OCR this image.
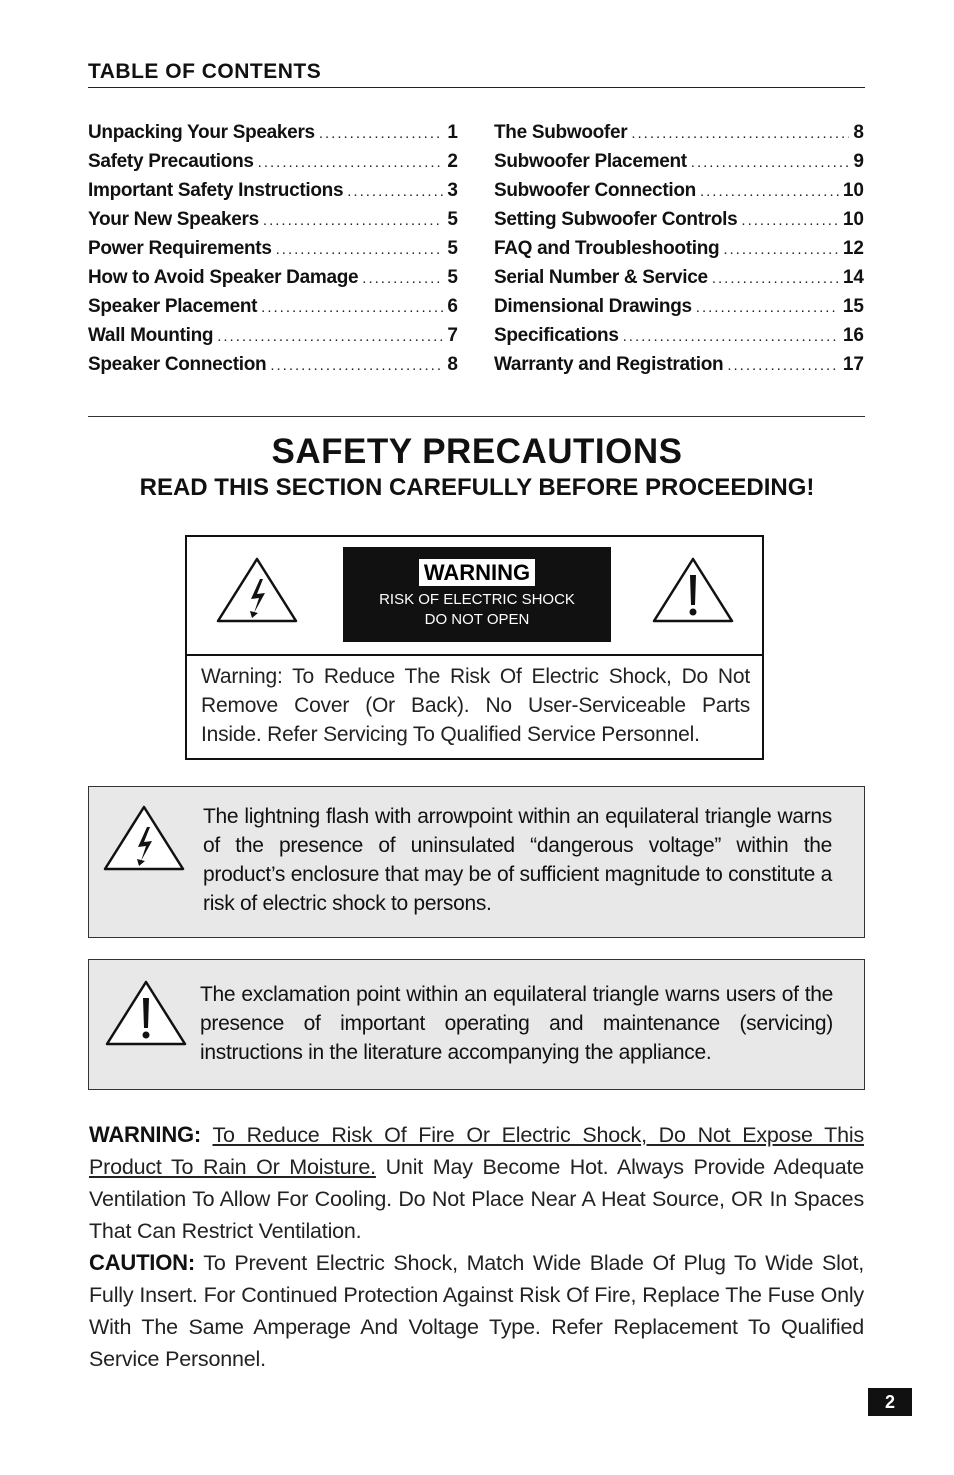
TABLE OF CONTENTS
Unpacking Your Speakers .....	1
Safety Precautions .....	2
Important Safety Instructions .....	3
Your New Speakers .....	5
Power Requirements .....	5
How to Avoid Speaker Damage .....	5
Speaker Placement .....	6
Wall Mounting .....	7
Speaker Connection .....	8
The Subwoofer .....	8
Subwoofer Placement .....	9
Subwoofer Connection .....	10
Setting Subwoofer Controls .....	10
FAQ and Troubleshooting .....	12
Serial Number & Service .....	14
Dimensional Drawings .....	15
Specifications .....	16
Warranty and Registration .....	17
SAFETY PRECAUTIONS
READ THIS SECTION CAREFULLY BEFORE PROCEEDING!
WARNING
RISK OF ELECTRIC SHOCK
DO NOT OPEN
Warning: To Reduce The Risk Of Electric Shock, Do Not Remove Cover (Or Back). No User-Serviceable Parts Inside. Refer Servicing To Qualified Service Personnel.
The lightning flash with arrowpoint within an equilateral triangle warns of the presence of uninsulated “dangerous voltage” within the product’s enclosure that may be of sufficient magnitude to constitute a risk of electric shock to persons.
The exclamation point within an equilateral triangle warns users of the presence of important operating and maintenance (servicing) instructions in the literature accompanying the appliance.
WARNING: To Reduce Risk Of Fire Or Electric Shock, Do Not Expose This Product To Rain Or Moisture. Unit May Become Hot. Always Provide Adequate Ventilation To Allow For Cooling. Do Not Place Near A Heat Source, OR In Spaces That Can Restrict Ventilation.
CAUTION: To Prevent Electric Shock, Match Wide Blade Of Plug To Wide Slot, Fully Insert. For Continued Protection Against Risk Of Fire, Replace The Fuse Only With The Same Amperage And Voltage Type. Refer Replacement To Qualified Service Personnel.
2
